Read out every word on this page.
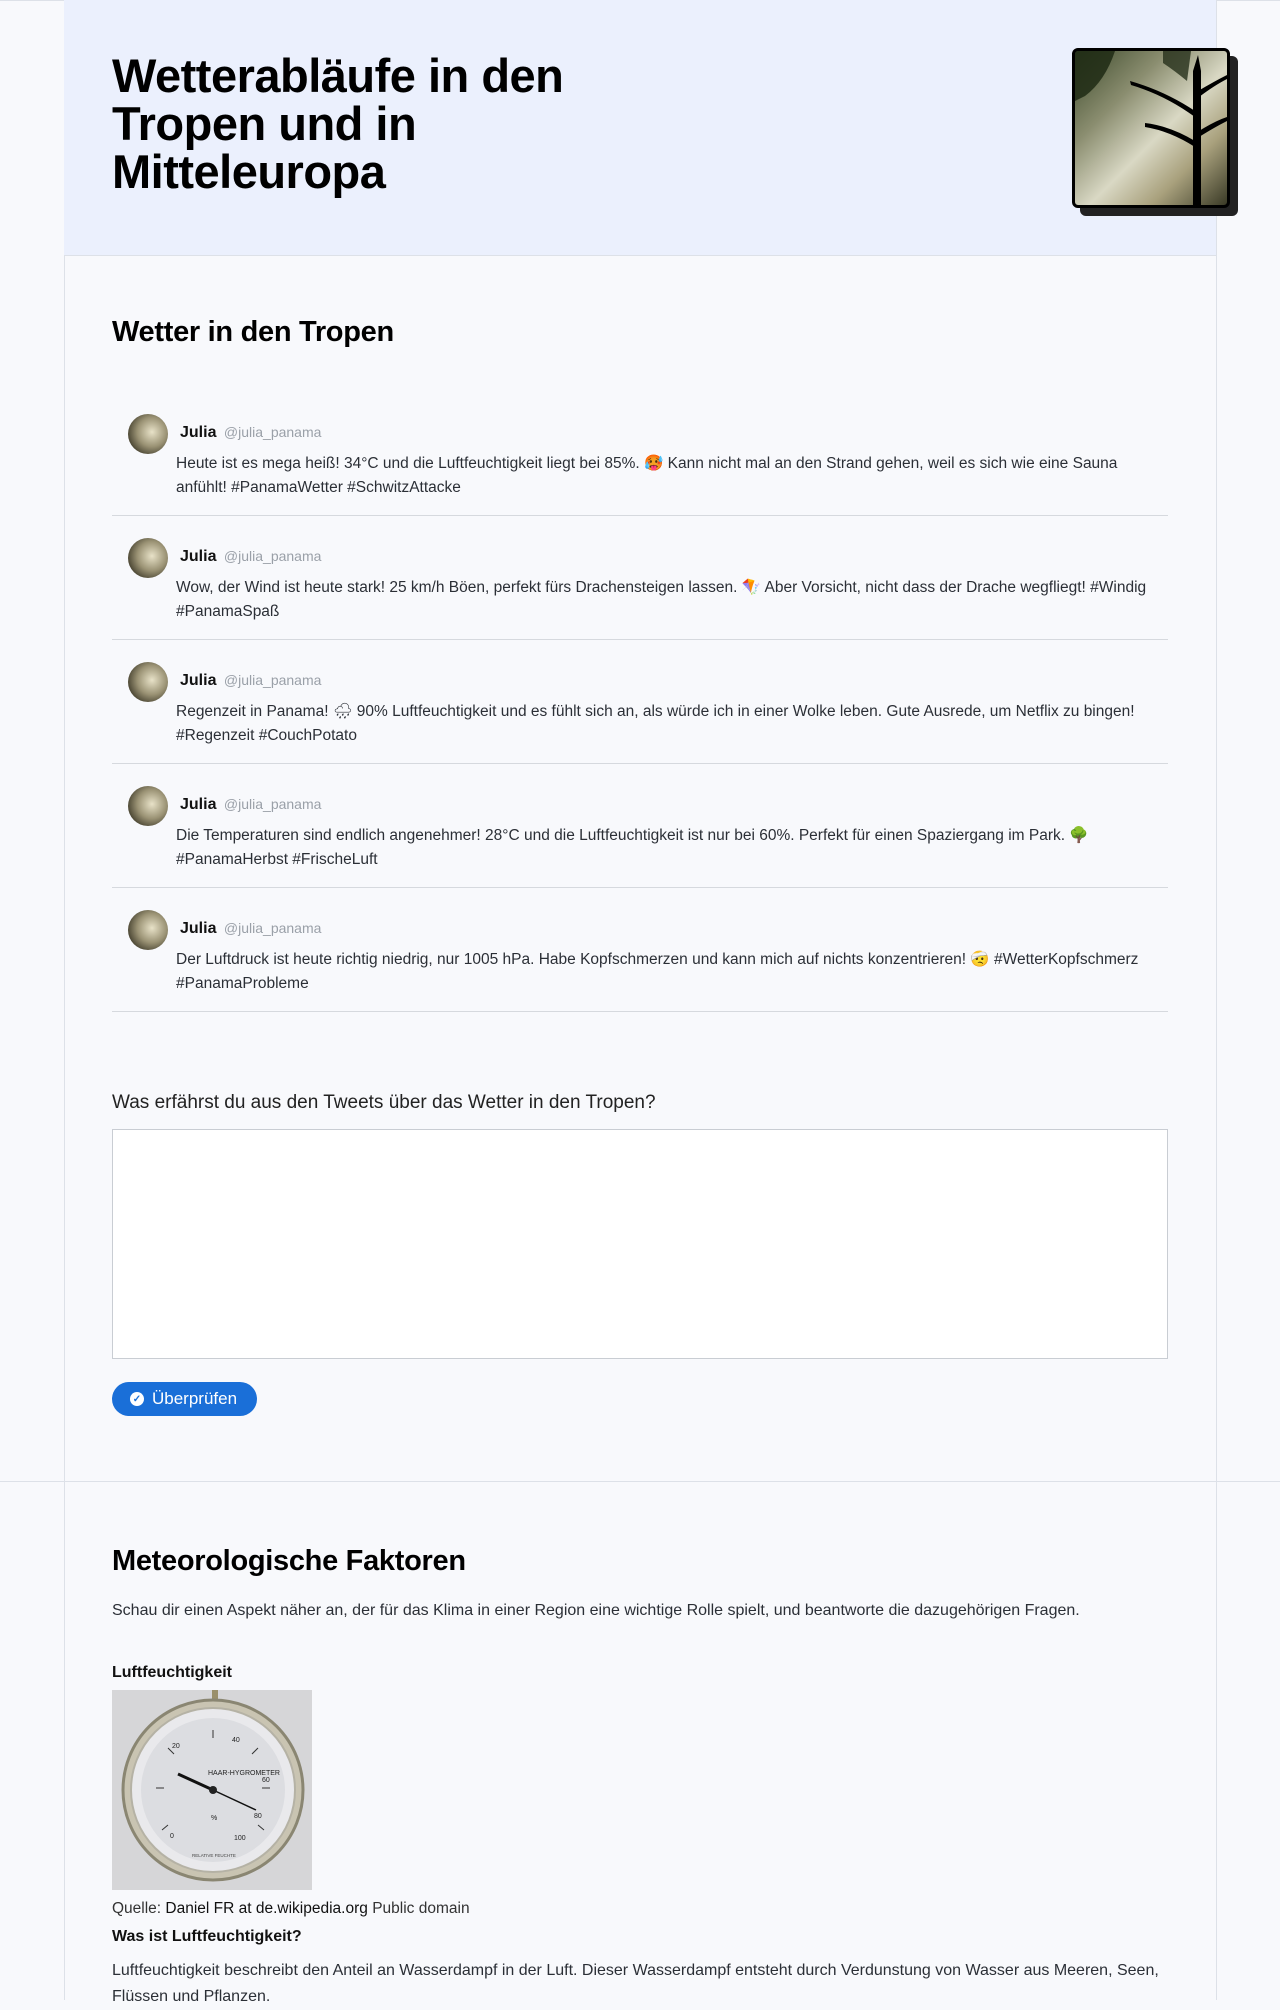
Wetterabläufe in den Tropen und in Mitteleuropa
Wetter in den Tropen
Julia @julia_panama
Heute ist es mega heiß! 34°C und die Luftfeuchtigkeit liegt bei 85%. 🥵 Kann nicht mal an den Strand gehen, weil es sich wie eine Sauna anfühlt! #PanamaWetter #SchwitzAttacke
Julia @julia_panama
Wow, der Wind ist heute stark! 25 km/h Böen, perfekt fürs Drachensteigen lassen. 🪁 Aber Vorsicht, nicht dass der Drache wegfliegt! #Windig #PanamaSpaß
Julia @julia_panama
Regenzeit in Panama! 🌧 90% Luftfeuchtigkeit und es fühlt sich an, als würde ich in einer Wolke leben. Gute Ausrede, um Netflix zu bingen! #Regenzeit #CouchPotato
Julia @julia_panama
Die Temperaturen sind endlich angenehmer! 28°C und die Luftfeuchtigkeit ist nur bei 60%. Perfekt für einen Spaziergang im Park. 🌳 #PanamaHerbst #FrischeLuft
Julia @julia_panama
Der Luftdruck ist heute richtig niedrig, nur 1005 hPa. Habe Kopfschmerzen und kann mich auf nichts konzentrieren! 🤕 #WetterKopfschmerz #PanamaProbleme
Was erfährst du aus den Tweets über das Wetter in den Tropen?
✓ Überprüfen
Meteorologische Faktoren
Schau dir einen Aspekt näher an, der für das Klima in einer Region eine wichtige Rolle spielt, und beantworte die dazugehörigen Fragen.
Luftfeuchtigkeit
HAAR-HYGROMETER
0
20
40
60
80
100
%
RELATIVE FEUCHTE
Quelle: Daniel FR at de.wikipedia.org Public domain
Was ist Luftfeuchtigkeit?
Luftfeuchtigkeit beschreibt den Anteil an Wasserdampf in der Luft. Dieser Wasserdampf entsteht durch Verdunstung von Wasser aus Meeren, Seen, Flüssen und Pflanzen.
